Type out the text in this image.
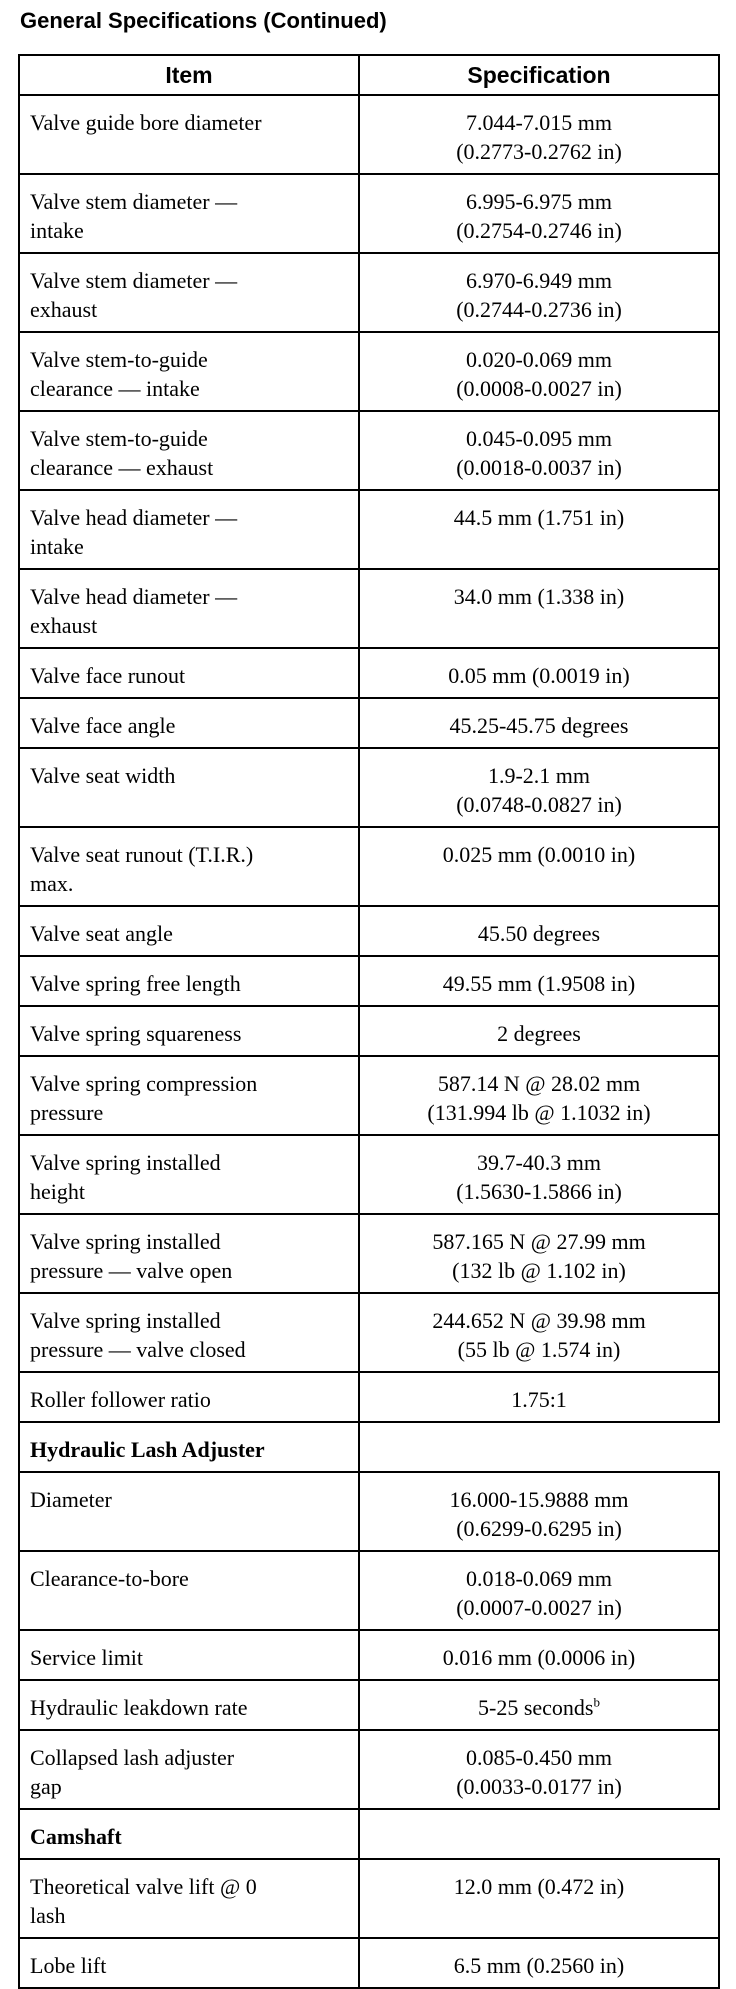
General Specifications (Continued)
Item	Specification

Valve guide bore diameter	7.044-7.015 mm
(0.2773-0.2762 in)

Valve stem diameter —
intake	6.995-6.975 mm
(0.2754-0.2746 in)

Valve stem diameter —
exhaust	6.970-6.949 mm
(0.2744-0.2736 in)

Valve stem-to-guide
clearance — intake	0.020-0.069 mm
(0.0008-0.0027 in)

Valve stem-to-guide
clearance — exhaust	0.045-0.095 mm
(0.0018-0.0037 in)

Valve head diameter —
intake	44.5 mm (1.751 in)

Valve head diameter —
exhaust	34.0 mm (1.338 in)

Valve face runout	0.05 mm (0.0019 in)

Valve face angle	45.25-45.75 degrees

Valve seat width	1.9-2.1 mm
(0.0748-0.0827 in)

Valve seat runout (T.I.R.)
max.	0.025 mm (0.0010 in)

Valve seat angle	45.50 degrees

Valve spring free length	49.55 mm (1.9508 in)

Valve spring squareness	2 degrees

Valve spring compression
pressure	587.14 N @ 28.02 mm
(131.994 lb @ 1.1032 in)

Valve spring installed
height	39.7-40.3 mm
(1.5630-1.5866 in)

Valve spring installed
pressure — valve open	587.165 N @ 27.99 mm
(132 lb @ 1.102 in)

Valve spring installed
pressure — valve closed	244.652 N @ 39.98 mm
(55 lb @ 1.574 in)

Roller follower ratio	1.75:1

Hydraulic Lash Adjuster	

Diameter	16.000-15.9888 mm
(0.6299-0.6295 in)

Clearance-to-bore	0.018-0.069 mm
(0.0007-0.0027 in)

Service limit	0.016 mm (0.0006 in)

Hydraulic leakdown rate	5-25 seconds$^b$

Collapsed lash adjuster
gap	0.085-0.450 mm
(0.0033-0.0177 in)

Camshaft	

Theoretical valve lift @ 0
lash	12.0 mm (0.472 in)

Lobe lift	6.5 mm (0.2560 in)
